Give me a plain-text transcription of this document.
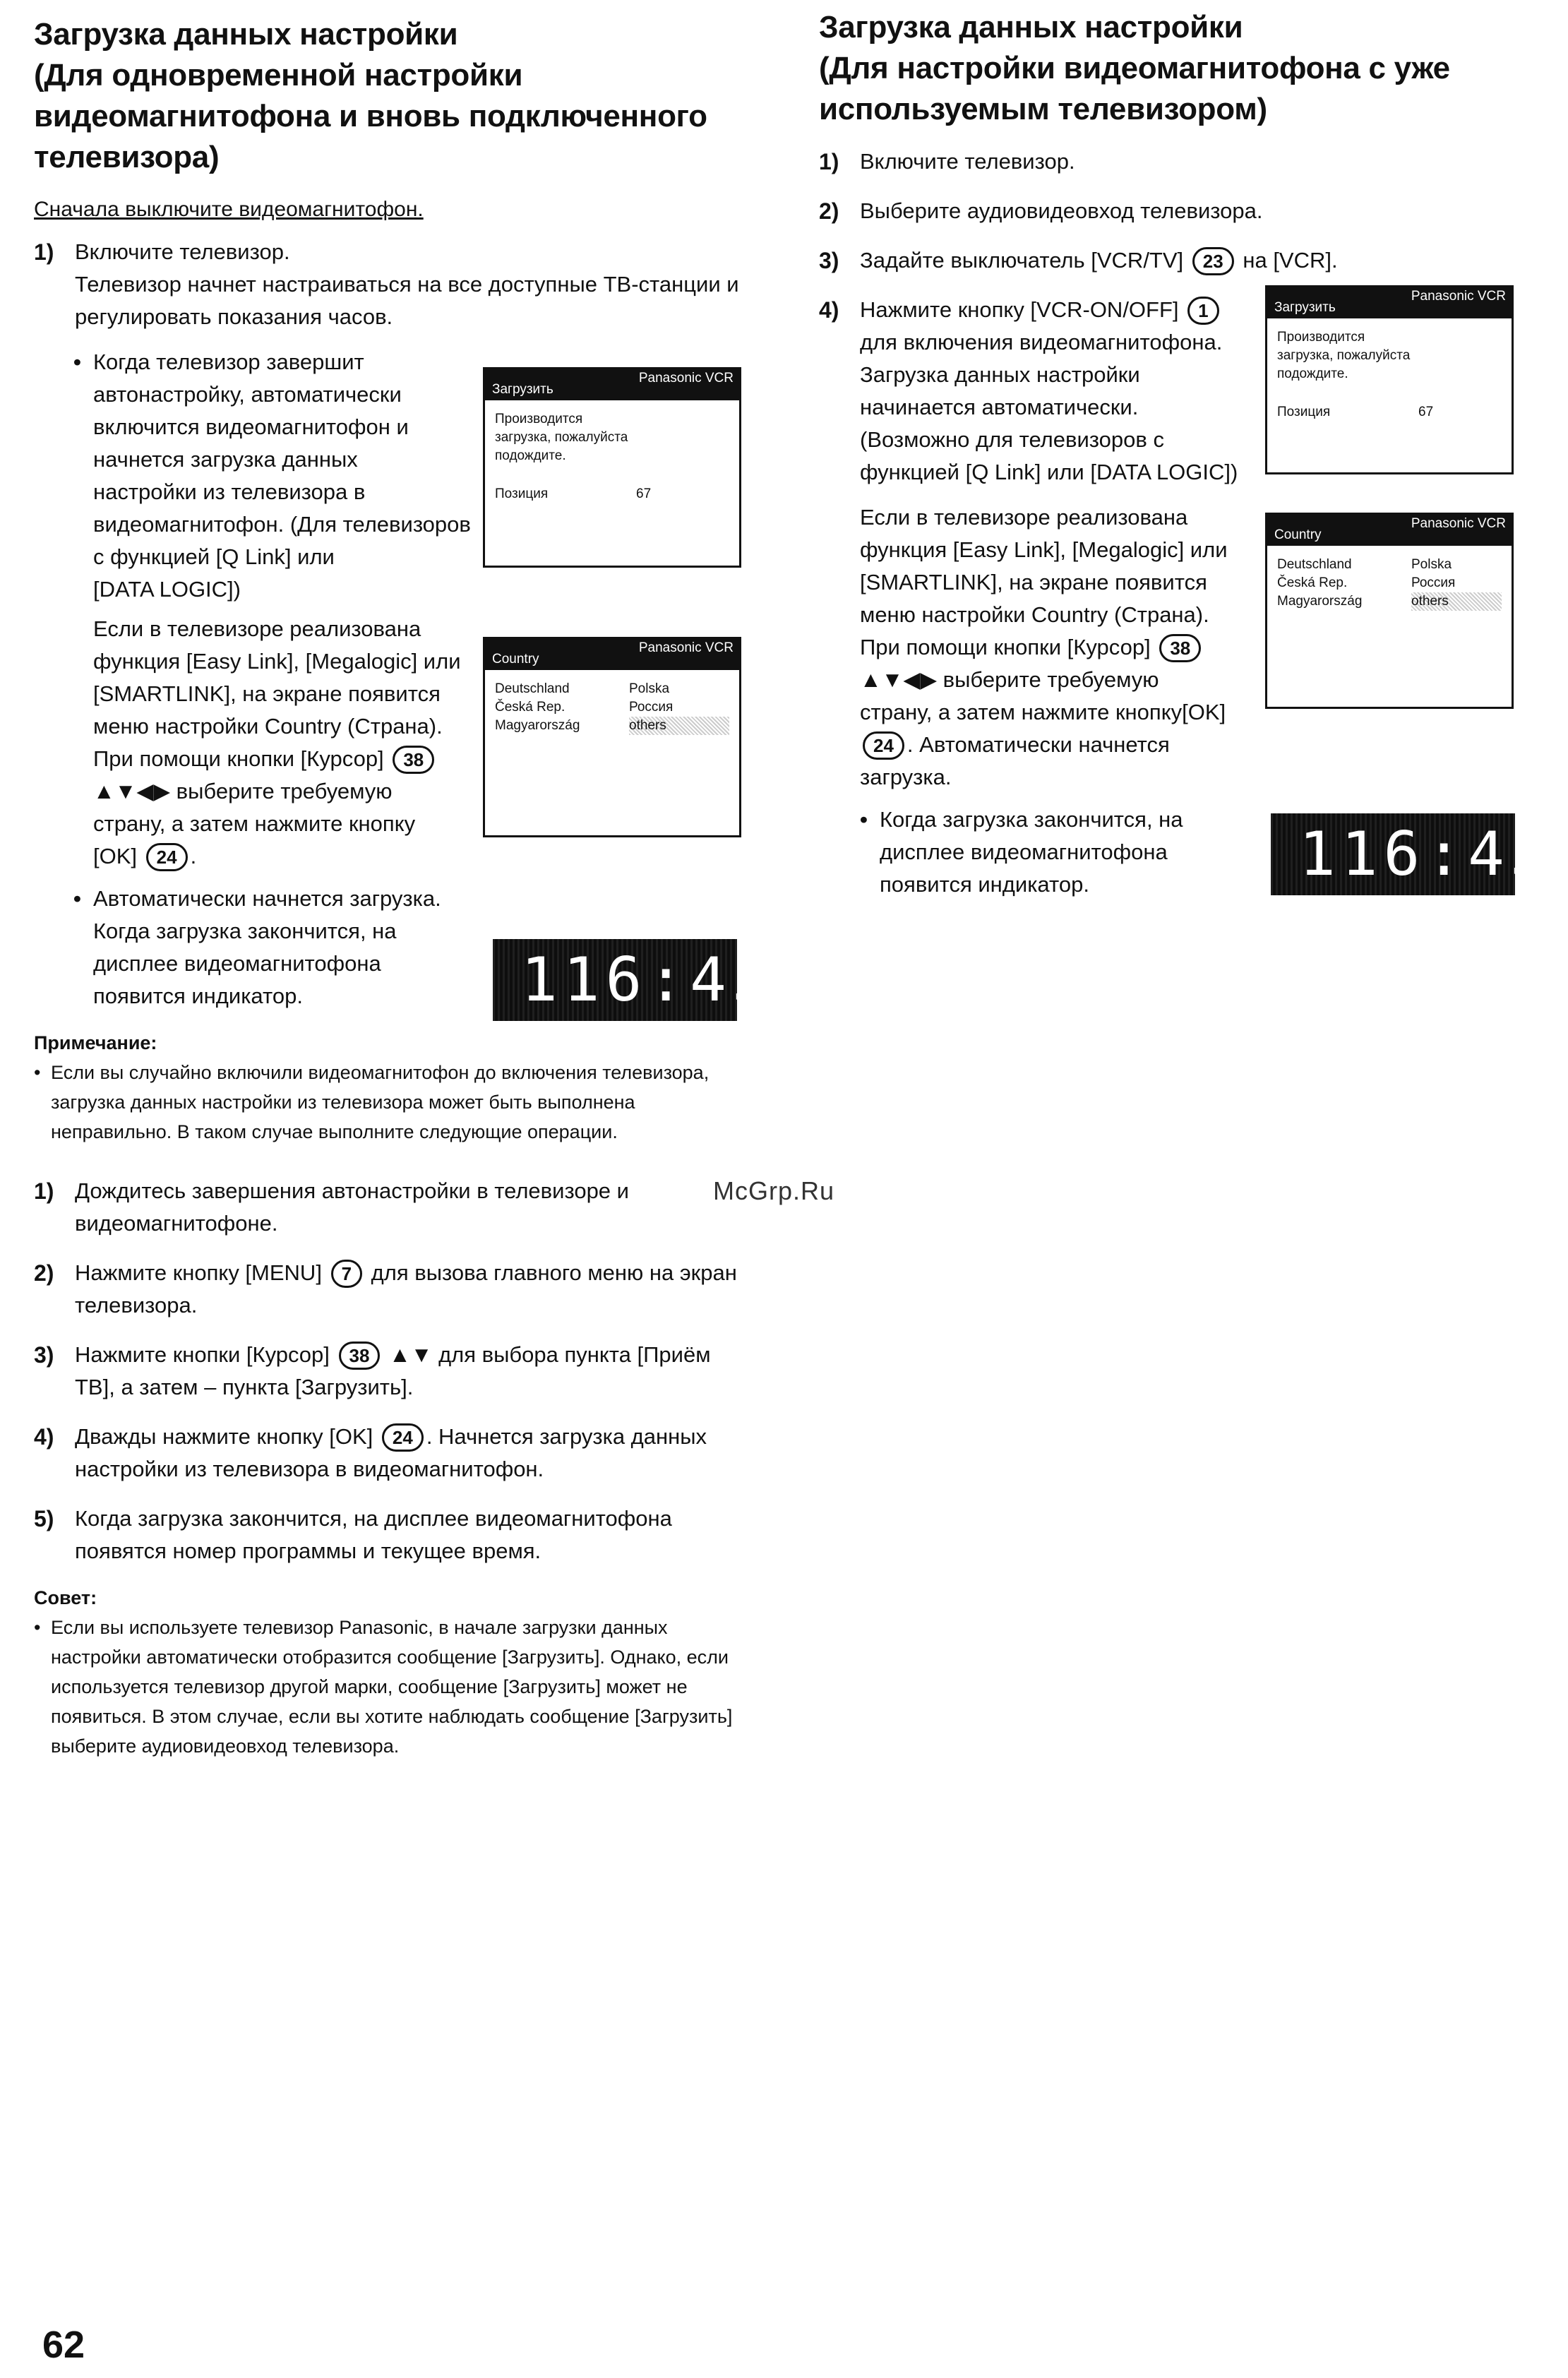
Загрузка данных настройки
(Для одновременной настройки
видеомагнитофона и вновь подключенного
телевизора)
Сначала выключите видеомагнитофон.
1) Включите телевизор.
Телевизор начнет настраиваться на все доступные ТВ-станции и
регулировать показания часов.
• Когда телевизор завершит
автонастройку, автоматически
включится видеомагнитофон и
начнется загрузка данных
настройки из телевизора в
видеомагнитофон. (Для телевизоров
с функцией [Q Link] или
[DATA LOGIC])
Если в телевизоре реализована
функция [Easy Link], [Megalogic] или
[SMARTLINK], на экране появится
меню настройки Country (Страна).
При помощи кнопки [Курсор] 38
▲▼◀▶ выберите требуемую
страну, а затем нажмите кнопку
[OK] 24 .
• Автоматически начнется загрузка.
Когда загрузка закончится, на
дисплее видеомагнитофона
появится индикатор.
Примечание:
• Если вы случайно включили видеомагнитофон до включения телевизора,
загрузка данных настройки из телевизора может быть выполнена
неправильно. В таком случае выполните следующие операции.
1) Дождитесь завершения автонастройки в телевизоре и
видеомагнитофоне.
2) Нажмите кнопку [MENU] 7 для вызова главного меню на экран
телевизора.
3) Нажмите кнопки [Курсор] 38 ▲▼ для выбора пункта [Приём
ТВ], а затем – пункта [Загрузить].
4) Дважды нажмите кнопку [OK] 24 . Начнется загрузка данных
настройки из телевизора в видеомагнитофон.
5) Когда загрузка закончится, на дисплее видеомагнитофона
появятся номер программы и текущее время.
Совет:
• Если вы используете телевизор Panasonic, в начале загрузки данных
настройки автоматически отобразится сообщение [Загрузить]. Однако, если
используется телевизор другой марки, сообщение [Загрузить] может не
появиться. В этом случае, если вы хотите наблюдать сообщение [Загрузить]
выберите аудиовидеовход телевизора.
Panasonic VCR
Загрузить
Производится
загрузка, пожалуйста
подождите.
Позиция	67
Panasonic VCR
Country
Deutschland	Polska
Česká Rep.	Россия
Magyarország	others
1 16:45
*
Загрузка данных настройки
(Для настройки видеомагнитофона с уже
используемым телевизором)
1) Включите телевизор.
2) Выберите аудиовидеовход телевизора.
3) Задайте выключатель [VCR/TV] 23 на [VCR].
4) Нажмите кнопку [VCR-ON/OFF] 1
для включения видеомагнитофона.
Загрузка данных настройки
начинается автоматически.
(Возможно для телевизоров с
функцией [Q Link] или [DATA LOGIC])
Если в телевизоре реализована
функция [Easy Link], [Megalogic] или
[SMARTLINK], на экране появится
меню настройки Country (Страна).
При помощи кнопки [Курсор] 38
▲▼◀▶ выберите требуемую
страну, а затем нажмите кнопку[OK]
24 . Автоматически начнется
загрузка.
• Когда загрузка закончится, на
дисплее видеомагнитофона
появится индикатор.
Panasonic VCR
Загрузить
Производится
загрузка, пожалуйста
подождите.
Позиция	67
Panasonic VCR
Country
Deutschland	Polska
Česká Rep.	Россия
Magyarország	others
1 16:45
*
McGrp.Ru
62
